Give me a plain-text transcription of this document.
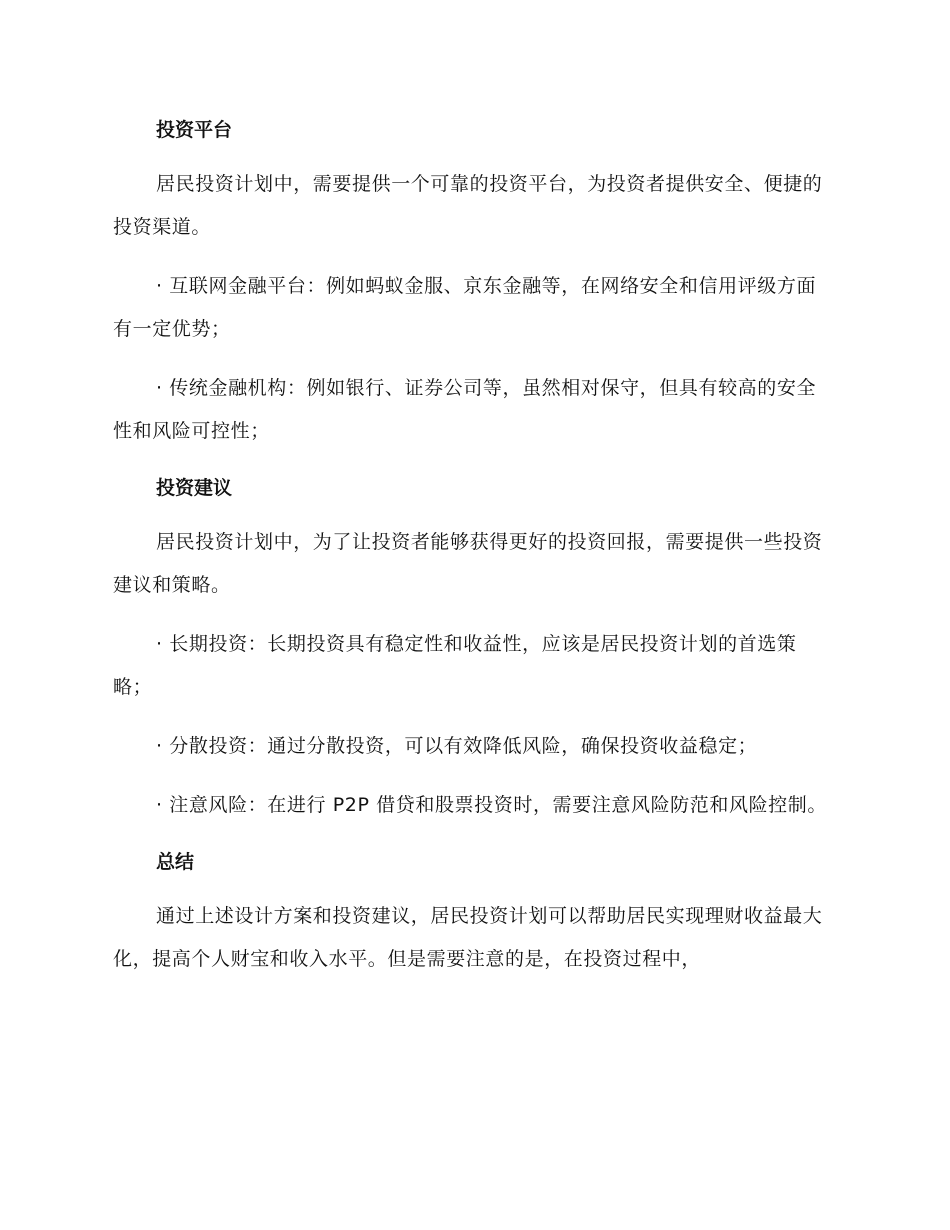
投资平台
居民投资计划中，需要提供一个可靠的投资平台，为投资者提供安全、便捷的投资渠道。
· 互联网金融平台：例如蚂蚁金服、京东金融等，在网络安全和信用评级方面有一定优势；
· 传统金融机构：例如银行、证券公司等，虽然相对保守，但具有较高的安全性和风险可控性；
投资建议
居民投资计划中，为了让投资者能够获得更好的投资回报，需要提供一些投资建议和策略。
· 长期投资：长期投资具有稳定性和收益性，应该是居民投资计划的首选策略；
· 分散投资：通过分散投资，可以有效降低风险，确保投资收益稳定；
· 注意风险：在进行 P2P 借贷和股票投资时，需要注意风险防范和风险控制。
总结
通过上述设计方案和投资建议，居民投资计划可以帮助居民实现理财收益最大化，提高个人财宝和收入水平。但是需要注意的是，在投资过程中，
